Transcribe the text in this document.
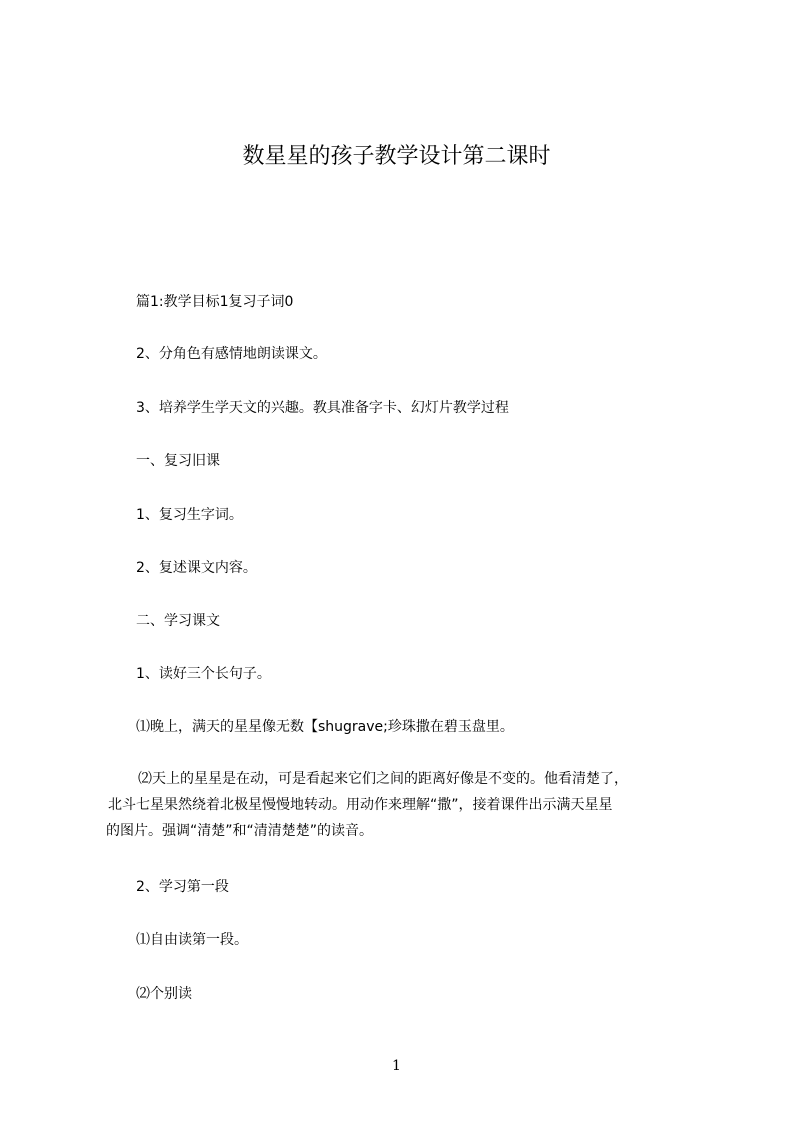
数星星的孩子教学设计第二课时

篇1:教学目标1复习子词0

2、分角色有感情地朗读课文。

3、培养学生学天文的兴趣。教具准备字卡、幻灯片教学过程

一、复习旧课

1、复习生字词。

2、复述课文内容。

二、学习课文

1、读好三个长句子。

⑴晚上，满天的星星像无数【shugrave;珍珠撒在碧玉盘里。

⑵天上的星星是在动，可是看起来它们之间的距离好像是不变的。他看清楚了，
北斗七星果然绕着北极星慢慢地转动。用动作来理解“撒”，接着课件出示满天星星
的图片。强调“清楚”和“清清楚楚”的读音。

2、学习第一段

⑴自由读第一段。

⑵个别读

1
